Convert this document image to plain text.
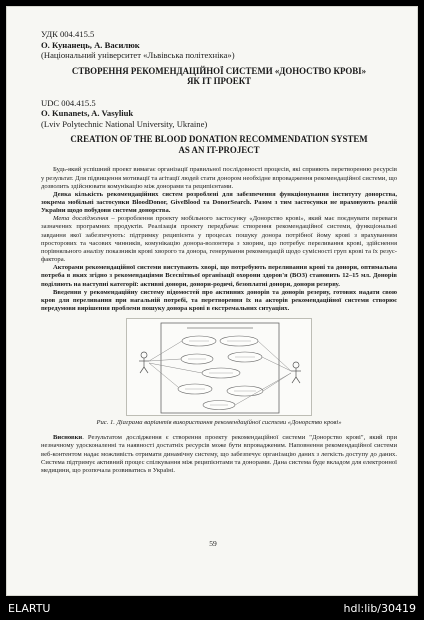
УДК 004.415.5
О. Кунанець, А. Василюк
(Національний університет «Львівська політехніка»)
СТВОРЕННЯ РЕКОМЕНДАЦІЙНОЇ СИСТЕМИ «ДОНОСТВО КРОВІ»
ЯК ІТ ПРОЕКТ
UDC 004.415.5
O. Kunanets, A. Vasyliuk
(Lviv Polytechnic National University, Ukraine)
CREATION OF THE BLOOD DONATION RECOMMENDATION SYSTEM
AS AN IT-PROJECT

Будь-який успішний проект вимагає організації правильної послідовності процесів, які сприяють перетворенню ресурсів у результат. Для підвищення мотивації та агітації людей стати донором необхідне впровадження рекомендаційної системи, що дозволить здійснювати комунікацію між донорами та реципієнтами.

Деяка кількість рекомендаційних систем розроблені для забезпечення функціонування інституту донорства, зокрема мобільні застосунки BloodDonor, GiveBlood та DonorSearch. Разом з тим застосунки не враховують реалій України щодо побудови системи донорства.

Мета дослідження – розроблення проекту мобільного застосунку «Донорство крові», який має поєднувати переваги зазначених програмних продуктів. Реалізація проекту передбачає створення рекомендаційної системи, функціональні завдання якої забезпечують: підтримку реципієнта у процесах пошуку донора потрібної йому крові з врахуванням просторових та часових чинників, комунікацію донора-волонтера з хворим, що потребує переливання крові, здійснення порівняльного аналізу показників крові хворого та донора, генерування рекомендацій щодо сумісності груп крові та їх резус-фактора.

Акторами рекомендаційної системи виступають хворі, що потребують переливання крові та донори, оптимальна потреба в яких згідно з рекомендаціями Всесвітньої організації охорони здоров'я (ВОЗ) становить 12–15 мл. Донорів поділяють на наступні категорії: активні донори, донори-родичі, безоплатні донори, донори резерву.

Введення у рекомендаційну систему відомостей про активних донорів та донорів резерву, готових надати свою кров для переливання при нагальній потребі, та перетворення їх на акторів рекомендаційної системи створює передумови вирішення проблеми пошуку донора крові в екстремальних ситуаціях.

Рис. 1. Діаграма варіантів використання рекомендаційної системи «Донорство крові»

Висновки. Результатом дослідження є створення проекту рекомендаційної системи "Донорство крові", який при незначному удосконаленні та наявності достатніх ресурсів може бути впровадженим. Наповнення рекомендаційної системи веб-контентом надає можливість отримати динамічну систему, що забезпечує організацію даних з легкість доступу до даних. Система підтримує активний процес спілкування між реципієнтами та донорами. Дана система буде вкладом для електронної медицини, що розпочала розвиватись в Україні.

59
ELARTU	hdl:lib/30419
